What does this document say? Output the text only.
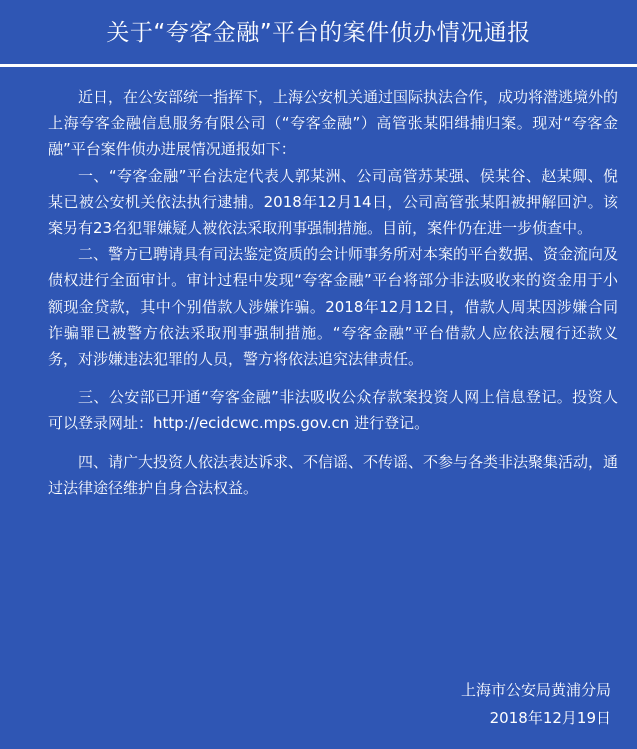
关于“夸客金融”平台的案件侦办情况通报

近日，在公安部统一指挥下，上海公安机关通过国际执法合作，成功将潜逃境外的上海夸客金融信息服务有限公司（“夸客金融”）高管张某阳缉捕归案。现对“夸客金融”平台案件侦办进展情况通报如下：

一、“夸客金融”平台法定代表人郭某洲、公司高管苏某强、侯某谷、赵某卿、倪某已被公安机关依法执行逮捕。2018年12月14日，公司高管张某阳被押解回沪。该案另有23名犯罪嫌疑人被依法采取刑事强制措施。目前，案件仍在进一步侦查中。

二、警方已聘请具有司法鉴定资质的会计师事务所对本案的平台数据、资金流向及债权进行全面审计。审计过程中发现“夸客金融”平台将部分非法吸收来的资金用于小额现金贷款，其中个别借款人涉嫌诈骗。2018年12月12日，借款人周某因涉嫌合同诈骗罪已被警方依法采取刑事强制措施。“夸客金融”平台借款人应依法履行还款义务，对涉嫌违法犯罪的人员，警方将依法追究法律责任。

三、公安部已开通“夸客金融”非法吸收公众存款案投资人网上信息登记。投资人可以登录网址：http://ecidcwc.mps.gov.cn 进行登记。

四、请广大投资人依法表达诉求、不信谣、不传谣、不参与各类非法聚集活动，通过法律途径维护自身合法权益。

上海市公安局黄浦分局
2018年12月19日
